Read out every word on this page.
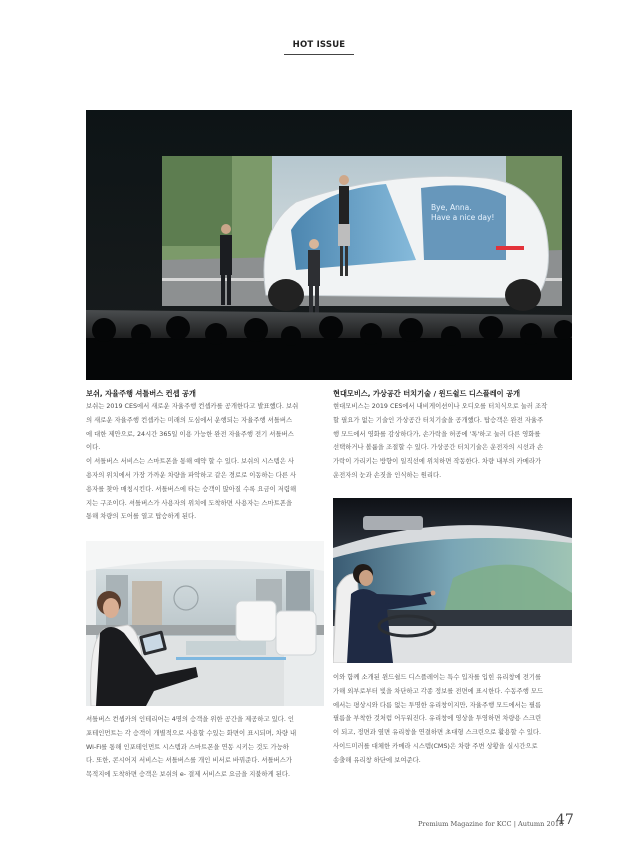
HOT ISSUE
Bye, Anna.
Have a nice day!
보쉬, 자율주행 셔틀버스 컨셉 공개
보쉬는 2019 CES에서 새로운 자율주행 컨셉카를 공개한다고 발표했다. 보쉬
의 새로운 자율주행 컨셉카는 미래의 도심에서 운행되는 자율주행 셔틀버스
에 대한 제안으로, 24시간 365일 이용 가능한 완전 자율주행 전기 셔틀버스
이다.
이 셔틀버스 서비스는 스마트폰을 통해 예약 할 수 있다. 보쉬의 시스템은 사
용자의 위치에서 가장 가까운 차량을 파악하고 같은 경로로 이동하는 다른 사
용자를 찾아 매칭시킨다. 셔틀버스에 타는 승객이 많아질 수록 요금이 저렴해
지는 구조이다. 셔틀버스가 사용자의 위치에 도착하면 사용자는 스마트폰을
통해 차량의 도어를 열고 탑승하게 된다.
셔틀버스 컨셉카의 인테리어는 4명의 승객을 위한 공간을 제공하고 있다. 인
포테인먼트는 각 승객이 개별적으로 사용할 수있는 화면이 표시되며, 차량 내
Wi-Fi를 통해 인포테인먼트 시스템과 스마트폰을 연동 시키는 것도 가능하
다. 또한, 콘시어지 서비스는 셔틀버스를 개인 비서로 바꿔준다. 셔틀버스가
목적지에 도착하면 승객은 보쉬의 e- 결제 서비스로 요금을 지불하게 된다.
현대모비스, 가상공간 터치기술 / 윈드쉴드 디스플레이 공개
현대모비스는 2019 CES에서 내비게이션이나 오디오를 터치식으로 눌러 조작
할 필요가 없는 기술인 가상공간 터치기술을 공개했다. 탑승객은 완전 자율주
행 모드에서 영화를 감상하다가, 손가락을 허공에 '톡'하고 눌러 다른 영화를
선택하거나 볼륨을 조절할 수 있다. 가상공간 터치기술은 운전자의 시선과 손
가락이 가리키는 방향이 일직선에 위치하면 작동한다. 차량 내부의 카메라가
운전자의 눈과 손짓을 인식하는 원리다.
이와 함께 소개된 윈드쉴드 디스플레이는 특수 입자를 입힌 유리창에 전기를
가해 외부로부터 빛을 차단하고 각종 정보를 전면에 표시한다. 수동주행 모드
에서는 평상시와 다름 없는 투명한 유리창이지만, 자율주행 모드에서는 필름
필름을 부착한 것처럼 어두워진다. 유리창에 영상을 투영하면 차량용 스크린
이 되고, 정면과 옆면 유리창을 연결하면 초대형 스크린으로 활용할 수 있다.
사이드미러를 대체한 카메라 시스템(CMS)은 차량 주변 상황을 실시간으로
송출해 유리창 하단에 보여준다.
Premium Magazine for KCC | Autumn 2018
47
